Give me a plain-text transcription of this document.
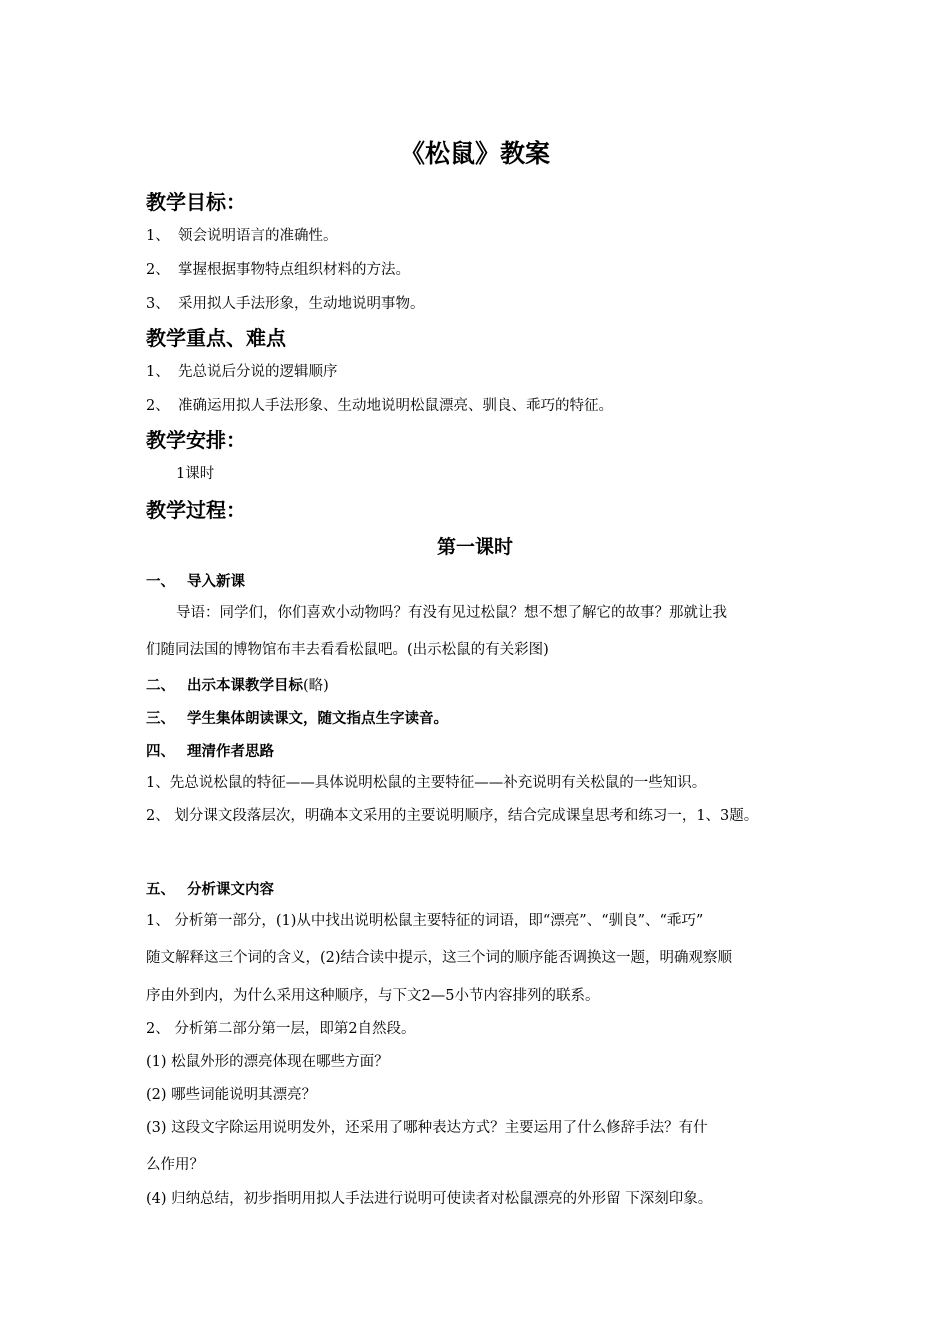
《松鼠》教案
教学目标：
1、 领会说明语言的准确性。
2、 掌握根据事物特点组织材料的方法。
3、 采用拟人手法形象，生动地说明事物。
教学重点、难点
1、 先总说后分说的逻辑顺序
2、 准确运用拟人手法形象、生动地说明松鼠漂亮、驯良、乖巧的特征。
教学安排：
1课时
教学过程：
第一课时
一、 导入新课
导语：同学们，你们喜欢小动物吗？有没有见过松鼠？想不想了解它的故事？那就让我
们随同法国的博物馆布丰去看看松鼠吧。(出示松鼠的有关彩图)
二、 出示本课教学目标(略)
三、 学生集体朗读课文，随文指点生字读音。
四、 理清作者思路
1、先总说松鼠的特征——具体说明松鼠的主要特征——补充说明有关松鼠的一些知识。
2、 划分课文段落层次，明确本文采用的主要说明顺序，结合完成课皇思考和练习一，1、3题。
五、 分析课文内容
1、 分析第一部分，(1)从中找出说明松鼠主要特征的词语，即“漂亮”、“驯良”、“乖巧”
随文解释这三个词的含义，(2)结合读中提示，这三个词的顺序能否调换这一题，明确观察顺
序由外到内，为什么采用这种顺序，与下文2—5小节内容排列的联系。
2、 分析第二部分第一层，即第2自然段。
(1) 松鼠外形的漂亮体现在哪些方面？
(2) 哪些词能说明其漂亮？
(3) 这段文字除运用说明发外，还采用了哪种表达方式？主要运用了什么修辞手法？有什
么作用？
(4) 归纳总结，初步指明用拟人手法进行说明可使读者对松鼠漂亮的外形留 下深刻印象。
